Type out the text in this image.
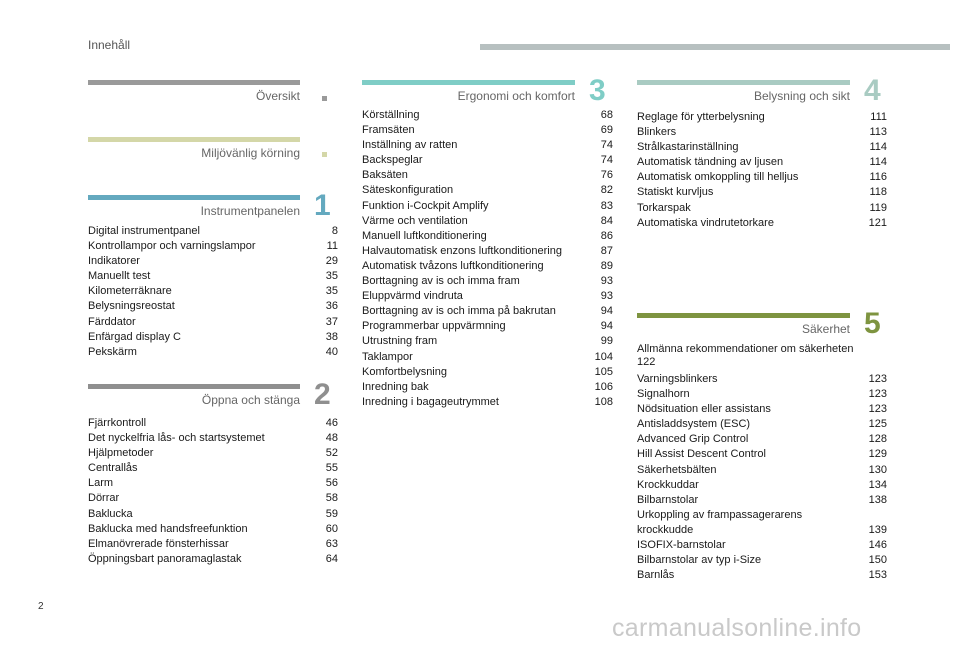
Innehåll
Översikt
Miljövänlig körning
Instrumentpanelen 1
Digital instrumentpanel	8
Kontrollampor och varningslampor	11
Indikatorer	29
Manuellt test	35
Kilometerräknare	35
Belysningsreostat	36
Färddator	37
Enfärgad display C	38
Pekskärm	40
Öppna och stänga 2
Fjärrkontroll	46
Det nyckelfria lås- och startsystemet	48
Hjälpmetoder	52
Centrallås	55
Larm	56
Dörrar	58
Baklucka	59
Baklucka med handsfreefunktion	60
Elmanövrerade fönsterhissar	63
Öppningsbart panoramaglastak	64
Ergonomi och komfort 3
Körställning	68
Framsäten	69
Inställning av ratten	74
Backspeglar	74
Baksäten	76
Säteskonfiguration	82
Funktion i-Cockpit Amplify	83
Värme och ventilation	84
Manuell luftkonditionering	86
Halvautomatisk enzons luftkonditionering	87
Automatisk tvåzons luftkonditionering	89
Borttagning av is och imma fram	93
Eluppvärmd vindruta	93
Borttagning av is och imma på bakrutan	94
Programmerbar uppvärmning	94
Utrustning fram	99
Taklampor	104
Komfortbelysning	105
Inredning bak	106
Inredning i bagageutrymmet	108
Belysning och sikt 4
Reglage för ytterbelysning	111
Blinkers	113
Strålkastarinställning	114
Automatisk tändning av ljusen	114
Automatisk omkoppling till helljus	116
Statiskt kurvljus	118
Torkarspak	119
Automatiska vindrutetorkare	121
Säkerhet 5
Allmänna rekommendationer om säkerheten
122
Varningsblinkers	123
Signalhorn	123
Nödsituation eller assistans	123
Antisladdsystem (ESC)	125
Advanced Grip Control	128
Hill Assist Descent Control	129
Säkerhetsbälten	130
Krockkuddar	134
Bilbarnstolar	138
Urkoppling av frampassagerarens krockkudde	139
ISOFIX-barnstolar	146
Bilbarnstolar av typ i-Size	150
Barnlås	153
2
carmanualsonline.info
